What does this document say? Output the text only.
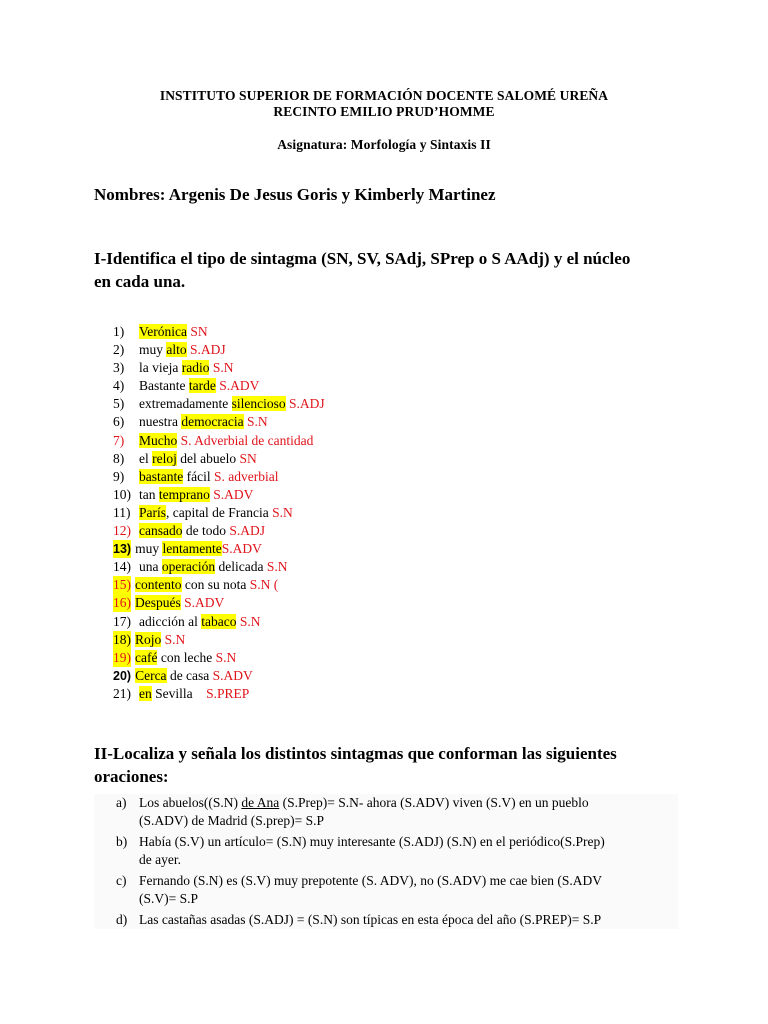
INSTITUTO SUPERIOR DE FORMACIÓN DOCENTE SALOMÉ UREÑA
RECINTO EMILIO PRUD’HOMME
Asignatura: Morfología y Sintaxis II
Nombres: Argenis De Jesus Goris y Kimberly Martinez
I-Identifica el tipo de sintagma (SN, SV, SAdj, SPrep o S AAdj) y el núcleo
en cada una.
1) Verónica SN
2) muy alto S.ADJ
3) la vieja radio S.N
4) Bastante tarde S.ADV
5) extremadamente silencioso S.ADJ
6) nuestra democracia S.N
7) Mucho S. Adverbial de cantidad
8) el reloj del abuelo SN
9) bastante fácil S. adverbial
10) tan temprano S.ADV
11) París, capital de Francia S.N
12) cansado de todo S.ADJ
13) muy lentamenteS.ADV
14) una operación delicada S.N
15) contento con su nota S.N (
16) Después S.ADV
17) adicción al tabaco S.N
18) Rojo S.N
19) café con leche S.N
20) Cerca de casa S.ADV
21) en Sevilla    S.PREP
II-Localiza y señala los distintos sintagmas que conforman las siguientes
oraciones:
a) Los abuelos((S.N) de Ana (S.Prep)= S.N- ahora (S.ADV) viven (S.V) en un pueblo
(S.ADV) de Madrid (S.prep)= S.P
b) Había (S.V) un artículo= (S.N) muy interesante (S.ADJ) (S.N) en el periódico(S.Prep)
de ayer.
c) Fernando (S.N) es (S.V) muy prepotente (S. ADV), no (S.ADV) me cae bien (S.ADV
(S.V)= S.P
d) Las castañas asadas (S.ADJ) = (S.N) son típicas en esta época del año (S.PREP)= S.P
